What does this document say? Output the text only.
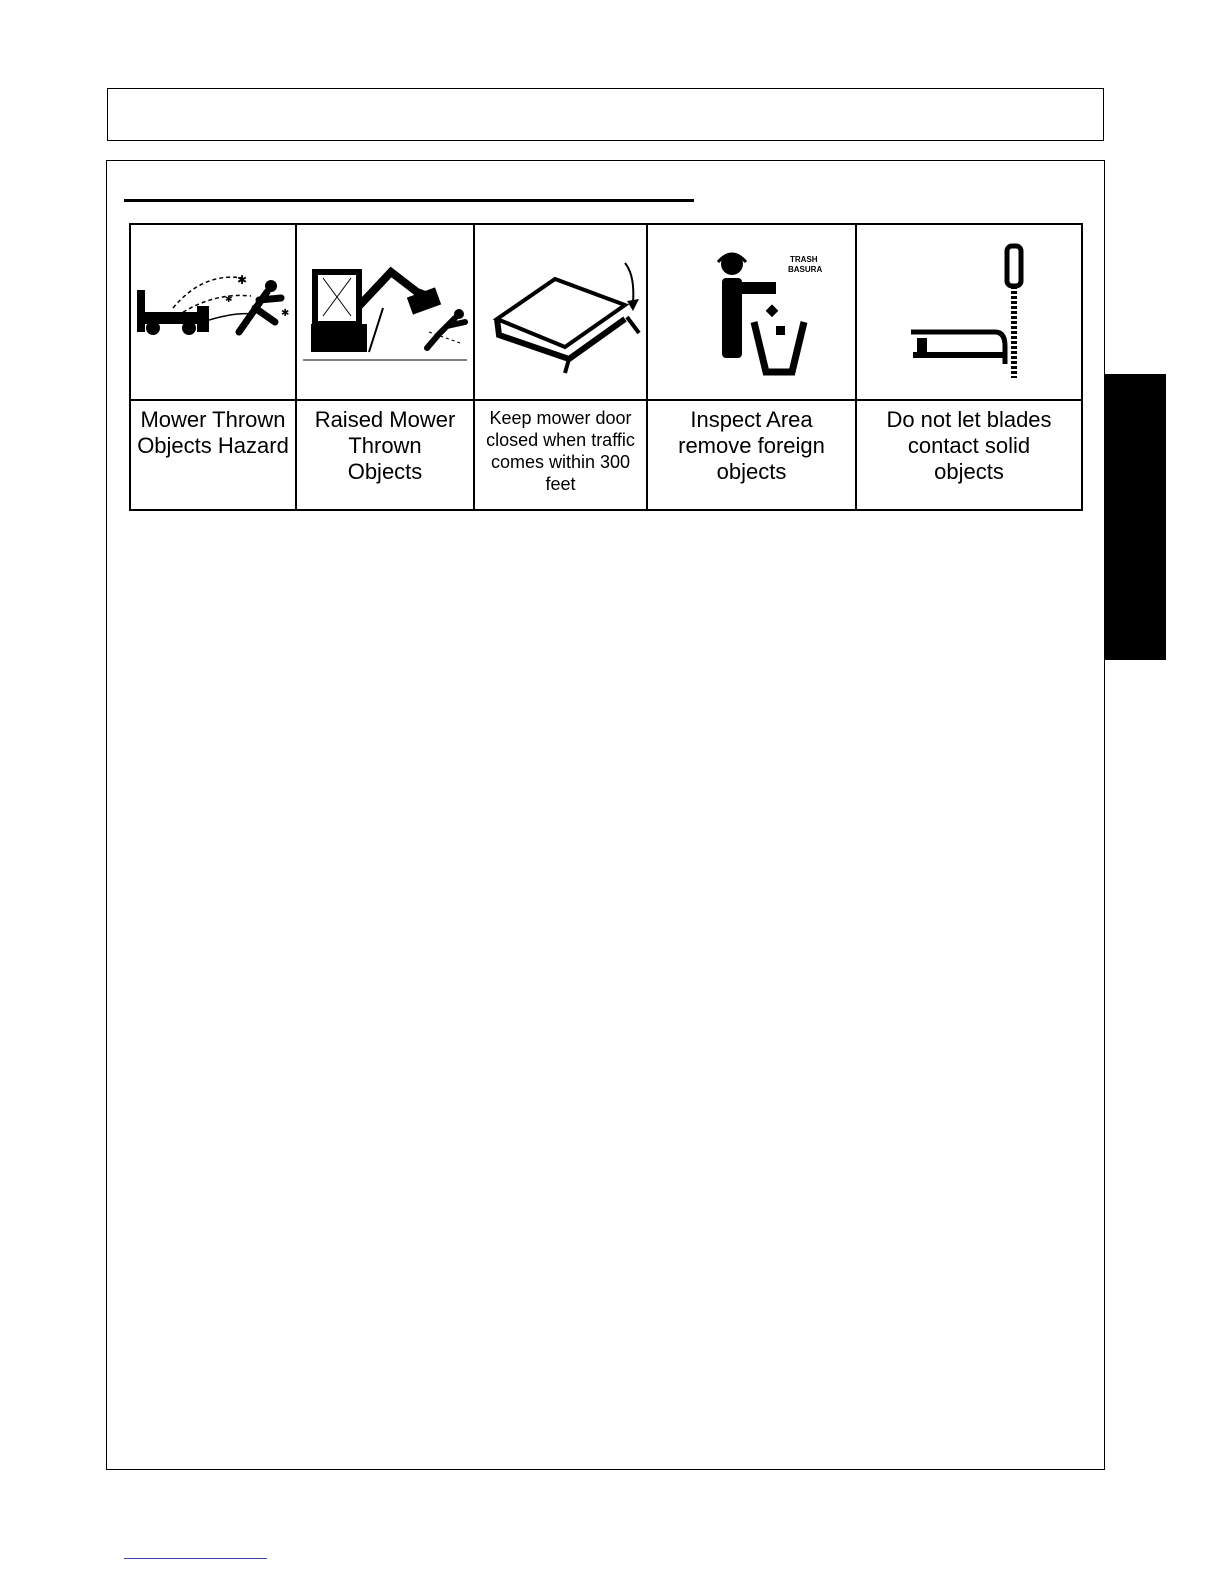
✱
✱
✱			TRASH
BASURA

Mower Thrown
Objects Hazard	Raised Mower
Thrown
Objects	Keep mower door
closed when traffic
comes within 300
feet	Inspect Area
remove foreign
objects	Do not let blades
contact solid
objects
